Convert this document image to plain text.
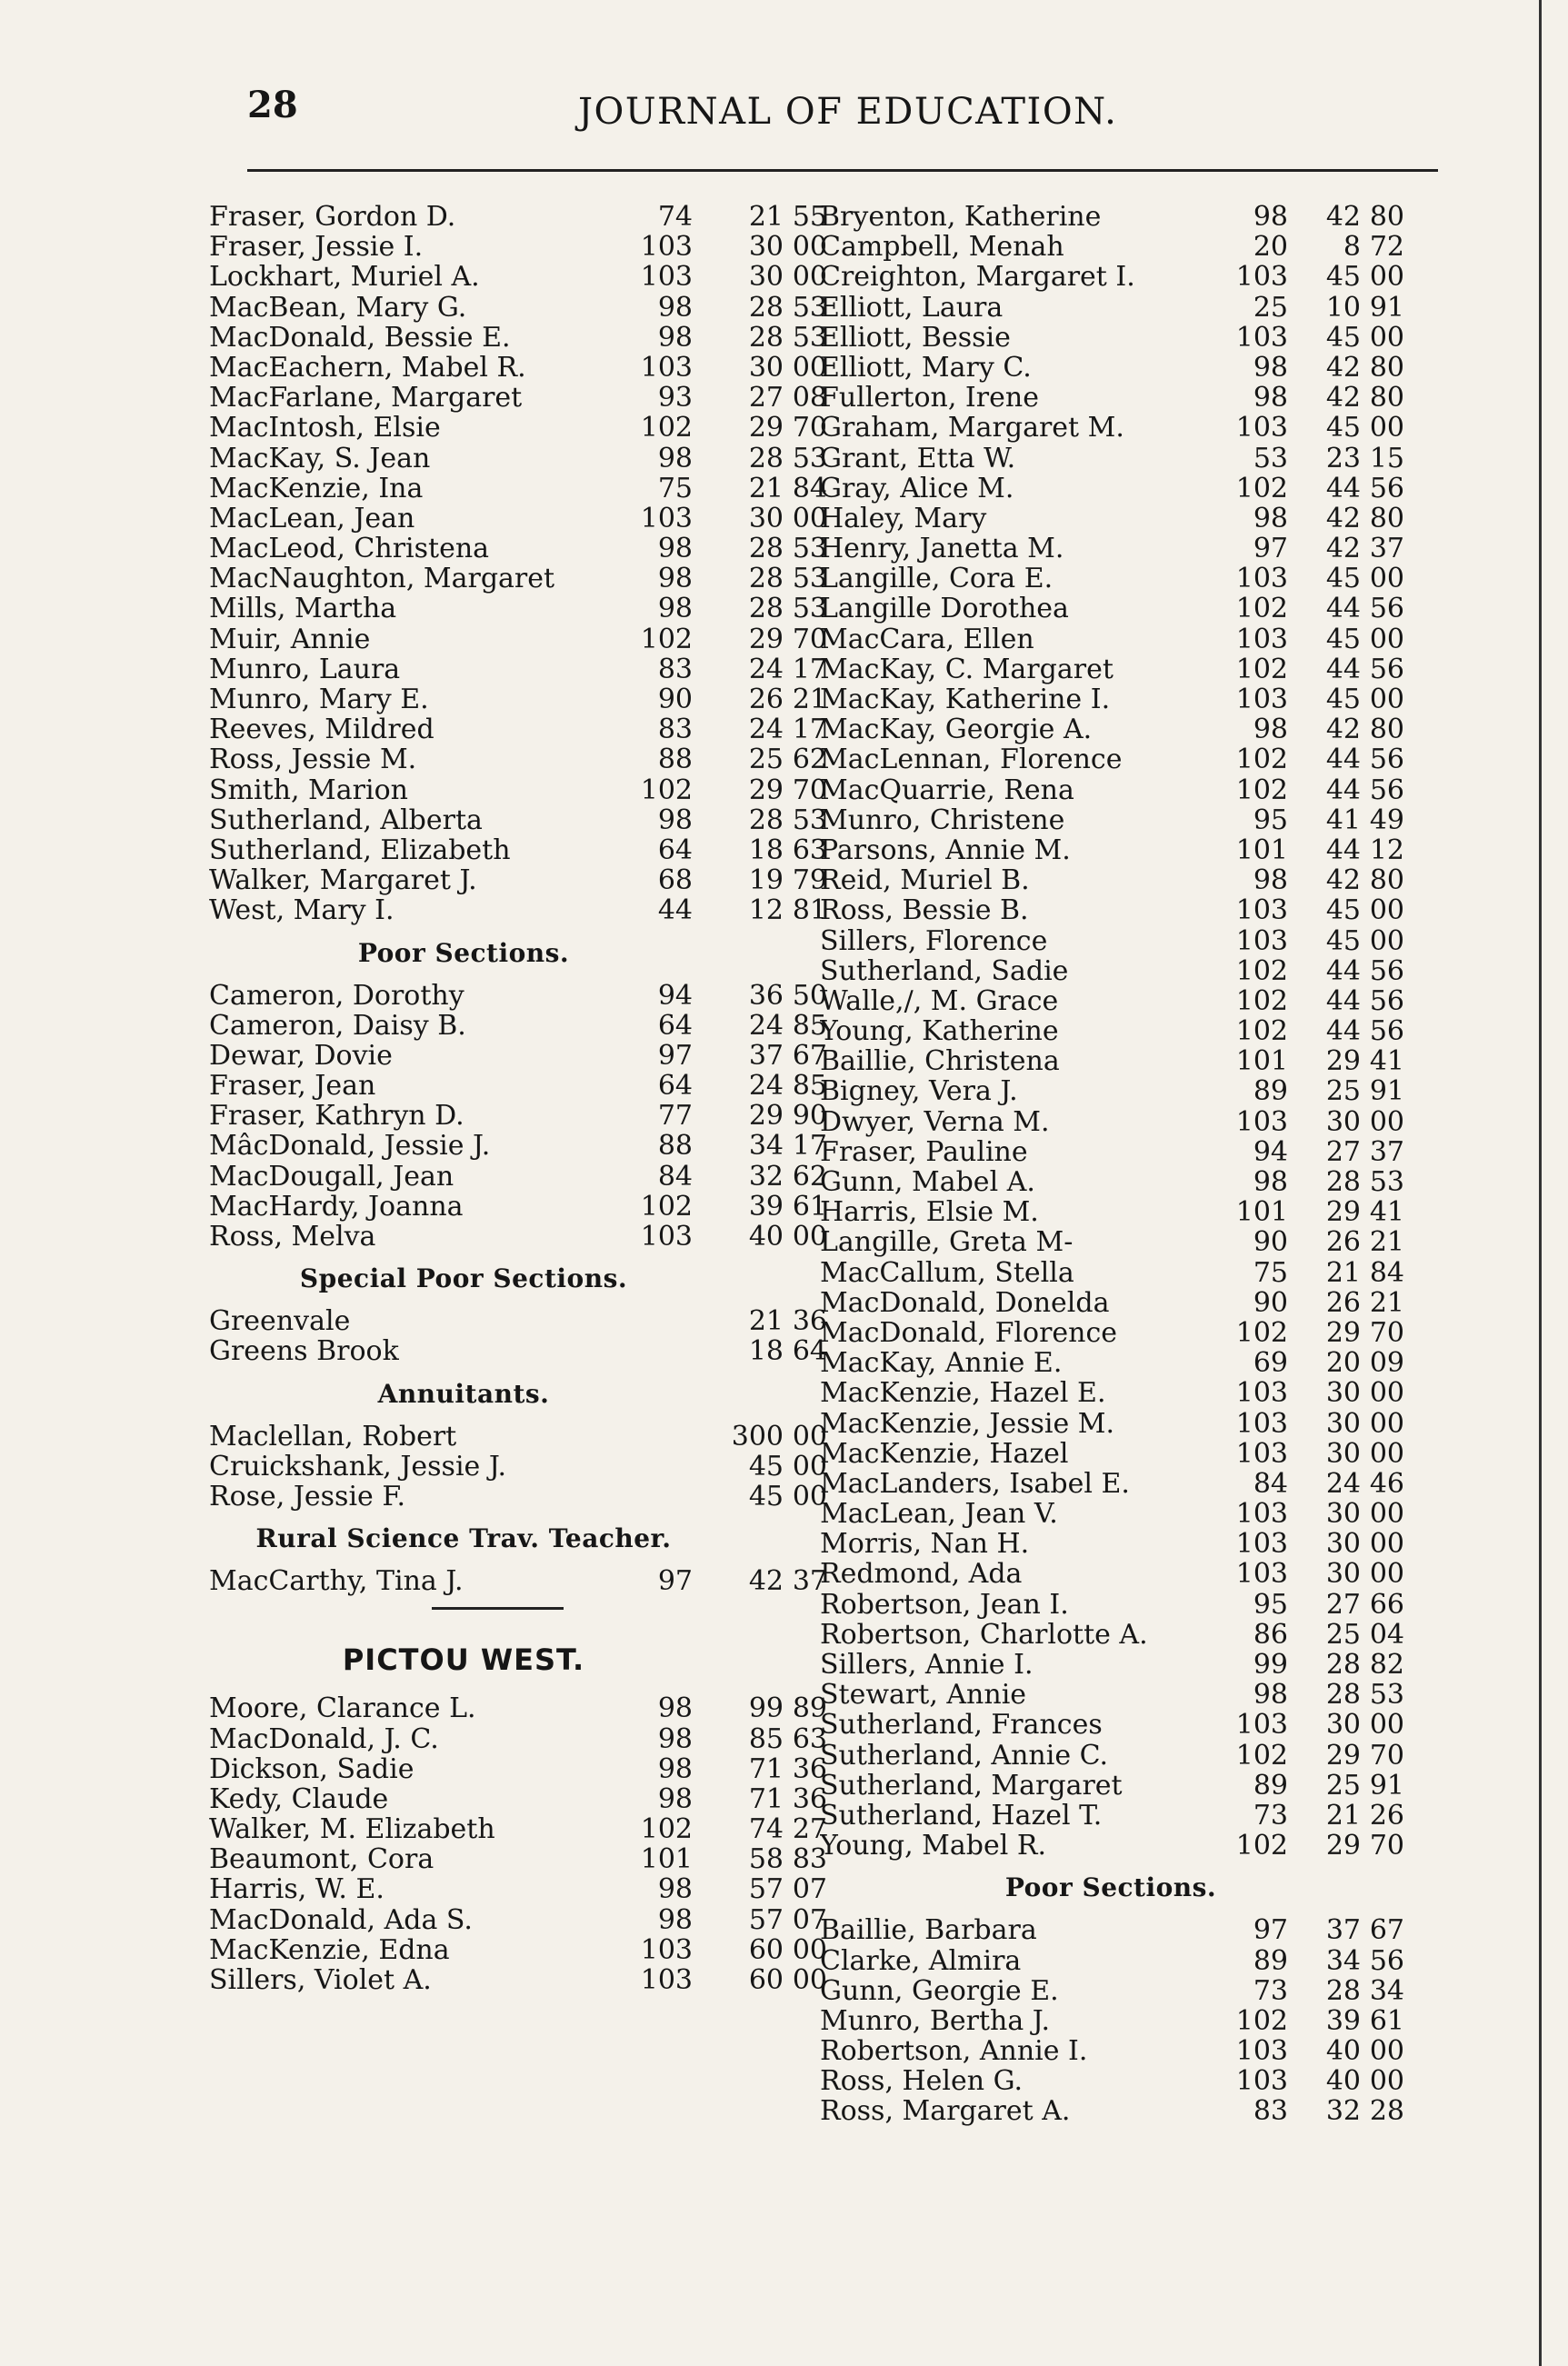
28	JOURNAL OF EDUCATION.
Fraser, Gordon D.	74	21 55
Fraser, Jessie I.	103	30 00
Lockhart, Muriel A.	103	30 00
MacBean, Mary G.	98	28 53
MacDonald, Bessie E.	98	28 53
MacEachern, Mabel R.	103	30 00
MacFarlane, Margaret	93	27 08
MacIntosh, Elsie	102	29 70
MacKay, S. Jean	98	28 53
MacKenzie, Ina	75	21 84
MacLean, Jean	103	30 00
MacLeod, Christena	98	28 53
MacNaughton, Margaret	98	28 53
Mills, Martha	98	28 53
Muir, Annie	102	29 70
Munro, Laura	83	24 17
Munro, Mary E.	90	26 21
Reeves, Mildred	83	24 17
Ross, Jessie M.	88	25 62
Smith, Marion	102	29 70
Sutherland, Alberta	98	28 53
Sutherland, Elizabeth	64	18 63
Walker, Margaret J.	68	19 79
West, Mary I.	44	12 81
Poor Sections.
Cameron, Dorothy	94	36 50
Cameron, Daisy B.	64	24 85
Dewar, Dovie	97	37 67
Fraser, Jean	64	24 85
Fraser, Kathryn D.	77	29 90
MâcDonald, Jessie J.	88	34 17
MacDougall, Jean	84	32 62
MacHardy, Joanna	102	39 61
Ross, Melva	103	40 00
Special Poor Sections.
Greenvale	21 36
Greens Brook	18 64
Annuitants.
Maclellan, Robert	300 00
Cruickshank, Jessie J.	45 00
Rose, Jessie F.	45 00
Rural Science Trav. Teacher.
MacCarthy, Tina J.	97	42 37
PICTOU WEST.
Moore, Clarance L.	98	99 89
MacDonald, J. C.	98	85 63
Dickson, Sadie	98	71 36
Kedy, Claude	98	71 36
Walker, M. Elizabeth	102	74 27
Beaumont, Cora	101	58 83
Harris, W. E.	98	57 07
MacDonald, Ada S.	98	57 07
MacKenzie, Edna	103	60 00
Sillers, Violet A.	103	60 00
Bryenton, Katherine	98	42 80
Campbell, Menah	20	8 72
Creighton, Margaret I.	103	45 00
Elliott, Laura	25	10 91
Elliott, Bessie	103	45 00
Elliott, Mary C.	98	42 80
Fullerton, Irene	98	42 80
Graham, Margaret M.	103	45 00
Grant, Etta W.	53	23 15
Gray, Alice M.	102	44 56
Haley, Mary	98	42 80
Henry, Janetta M.	97	42 37
Langille, Cora E.	103	45 00
Langille Dorothea	102	44 56
MacCara, Ellen	103	45 00
MacKay, C. Margaret	102	44 56
MacKay, Katherine I.	103	45 00
MacKay, Georgie A.	98	42 80
MacLennan, Florence	102	44 56
MacQuarrie, Rena	102	44 56
Munro, Christene	95	41 49
Parsons, Annie M.	101	44 12
Reid, Muriel B.	98	42 80
Ross, Bessie B.	103	45 00
Sillers, Florence	103	45 00
Sutherland, Sadie	102	44 56
Walle,/, M. Grace	102	44 56
Young, Katherine	102	44 56
Baillie, Christena	101	29 41
Bigney, Vera J.	89	25 91
Dwyer, Verna M.	103	30 00
Fraser, Pauline	94	27 37
Gunn, Mabel A.	98	28 53
Harris, Elsie M.	101	29 41
Langille, Greta M-	90	26 21
MacCallum, Stella	75	21 84
MacDonald, Donelda	90	26 21
MacDonald, Florence	102	29 70
MacKay, Annie E.	69	20 09
MacKenzie, Hazel E.	103	30 00
MacKenzie, Jessie M.	103	30 00
MacKenzie, Hazel	103	30 00
MacLanders, Isabel E.	84	24 46
MacLean, Jean V.	103	30 00
Morris, Nan H.	103	30 00
Redmond, Ada	103	30 00
Robertson, Jean I.	95	27 66
Robertson, Charlotte A.	86	25 04
Sillers, Annie I.	99	28 82
Stewart, Annie	98	28 53
Sutherland, Frances	103	30 00
Sutherland, Annie C.	102	29 70
Sutherland, Margaret	89	25 91
Sutherland, Hazel T.	73	21 26
Young, Mabel R.	102	29 70
Poor Sections.
Baillie, Barbara	97	37 67
Clarke, Almira	89	34 56
Gunn, Georgie E.	73	28 34
Munro, Bertha J.	102	39 61
Robertson, Annie I.	103	40 00
Ross, Helen G.	103	40 00
Ross, Margaret A.	83	32 28
